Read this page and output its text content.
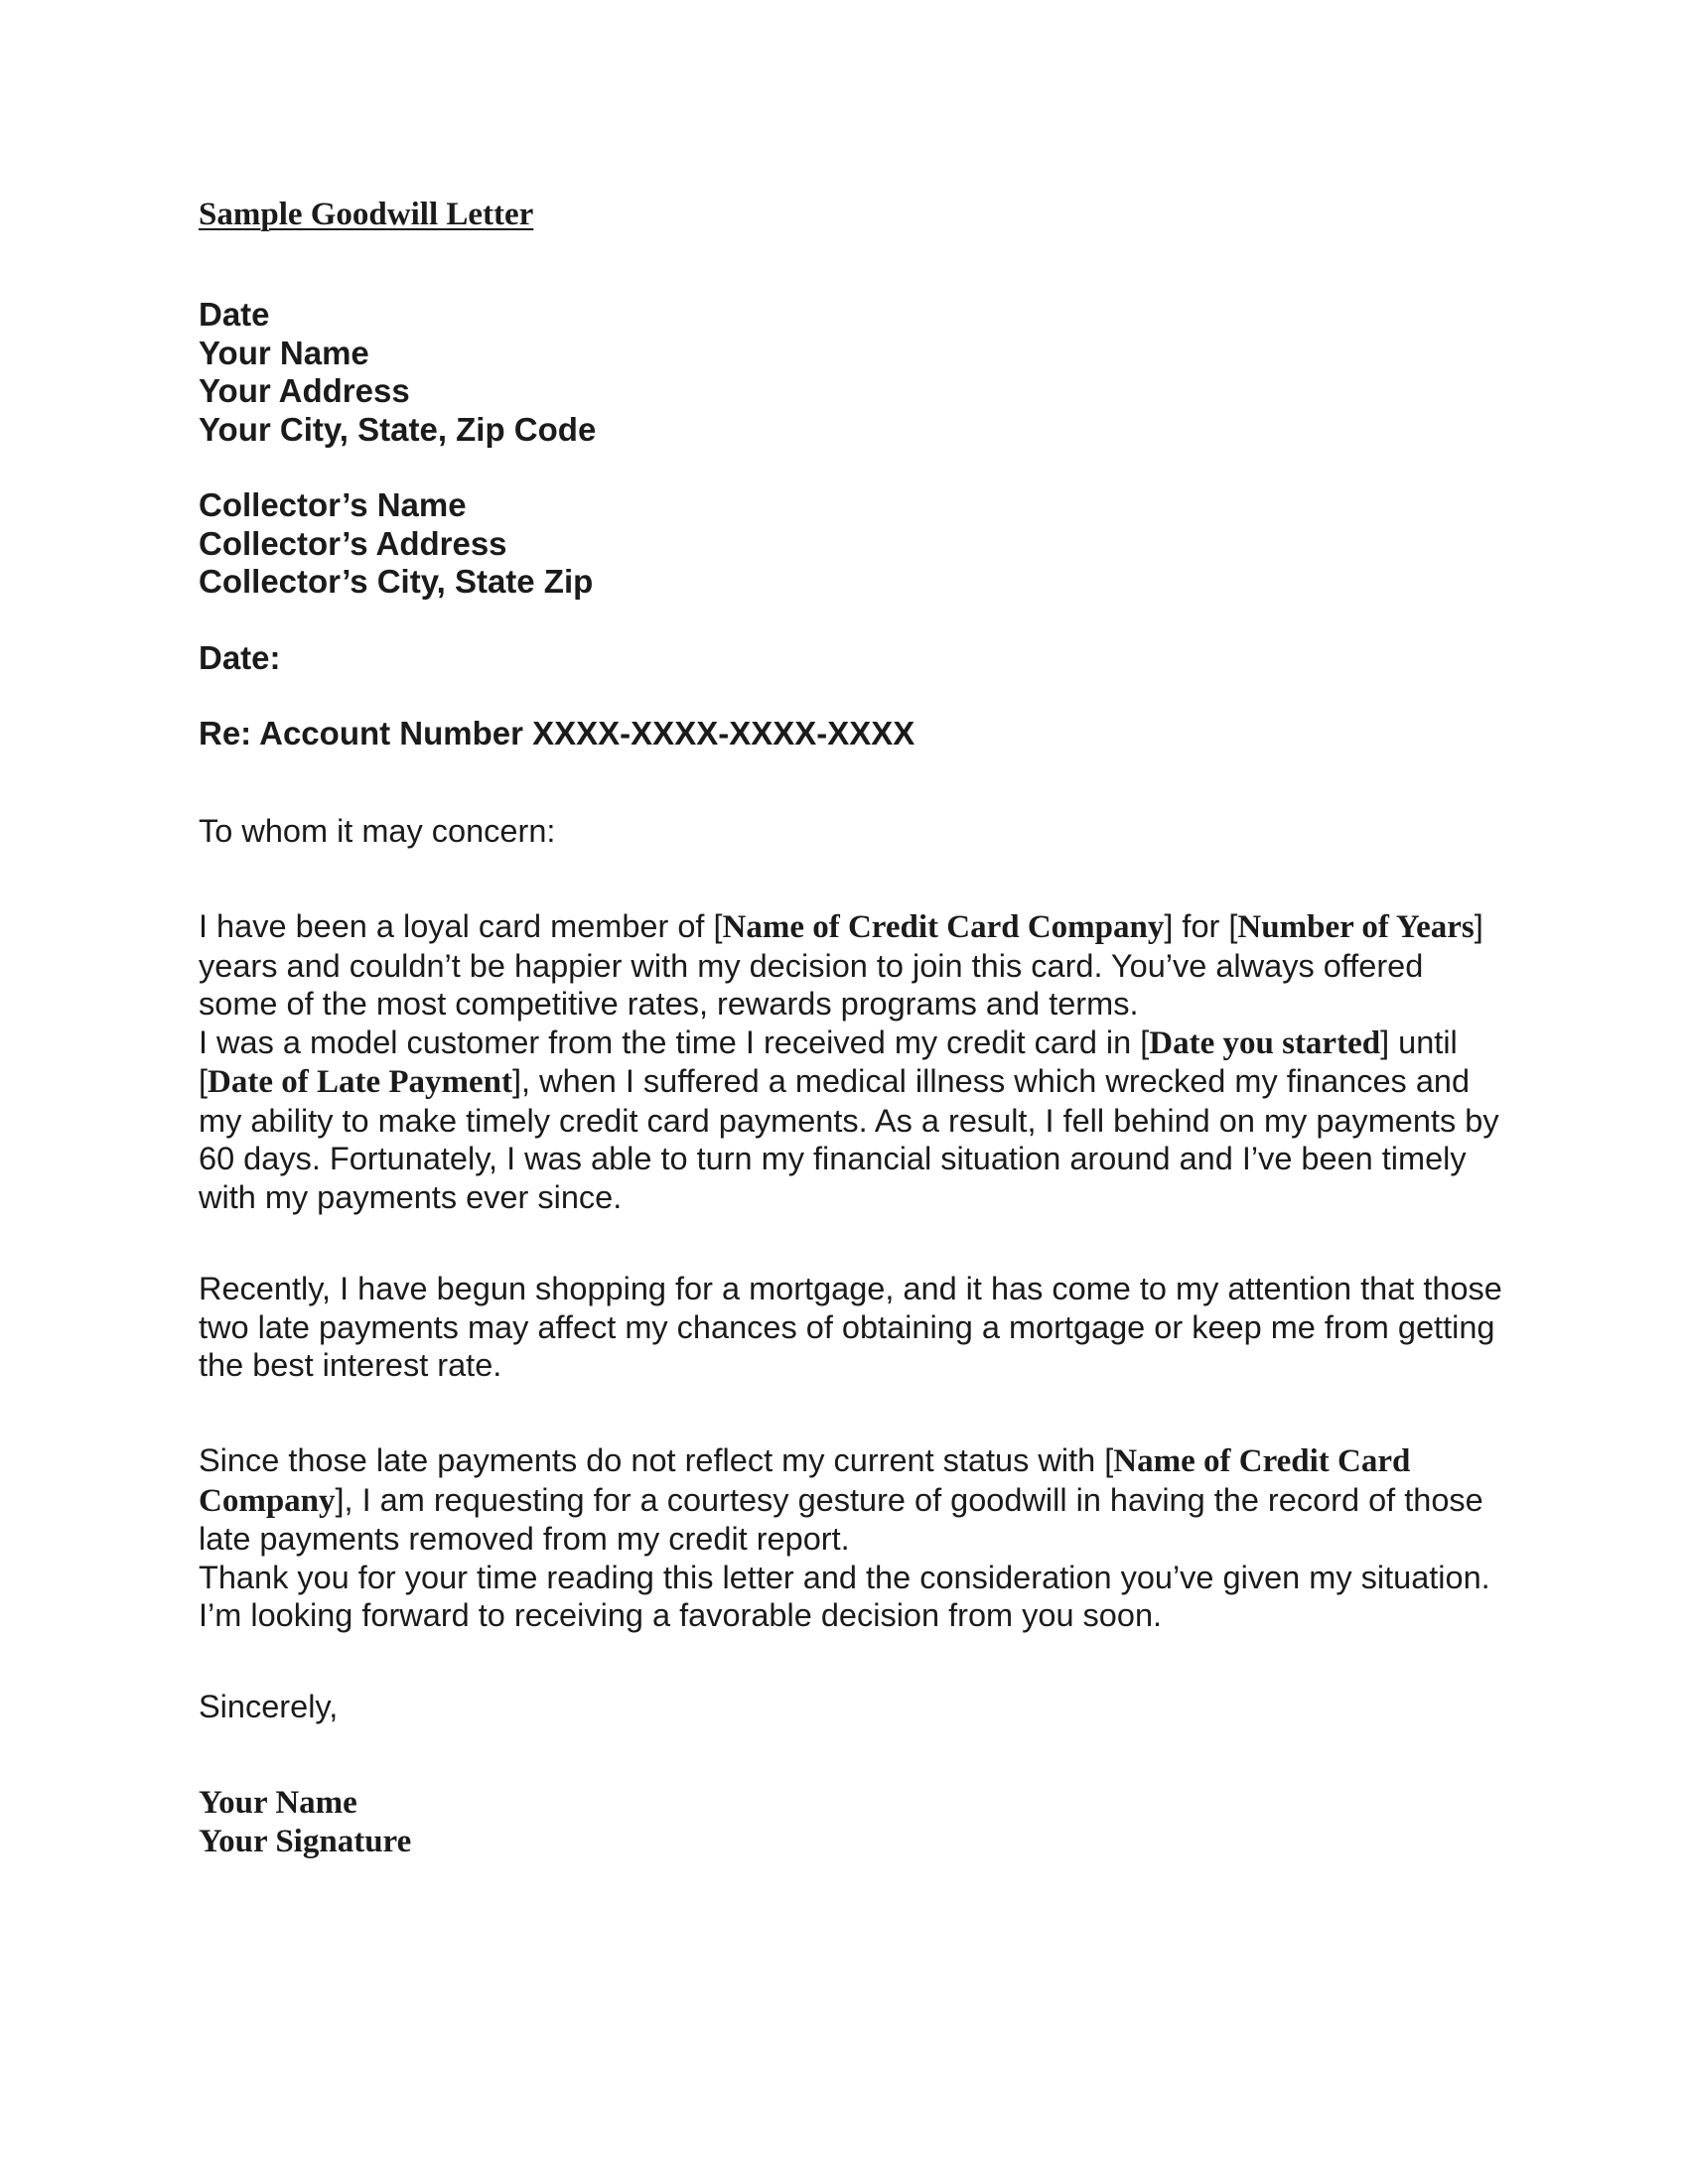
Sample Goodwill Letter
Date
Your Name
Your Address
Your City, State, Zip Code
Collector’s Name
Collector’s Address
Collector’s City, State Zip
Date:
Re: Account Number XXXX-XXXX-XXXX-XXXX

To whom it may concern:

I have been a loyal card member of [Name of Credit Card Company] for [Number of Years] years and couldn’t be happier with my decision to join this card. You’ve always offered some of the most competitive rates, rewards programs and terms.

I was a model customer from the time I received my credit card in [Date you started] until [Date of Late Payment], when I suffered a medical illness which wrecked my finances and my ability to make timely credit card payments. As a result, I fell behind on my payments by 60 days. Fortunately, I was able to turn my financial situation around and I’ve been timely with my payments ever since.

Recently, I have begun shopping for a mortgage, and it has come to my attention that those two late payments may affect my chances of obtaining a mortgage or keep me from getting the best interest rate.

Since those late payments do not reflect my current status with [Name of Credit Card Company], I am requesting for a courtesy gesture of goodwill in having the record of those late payments removed from my credit report.

Thank you for your time reading this letter and the consideration you’ve given my situation. I’m looking forward to receiving a favorable decision from you soon.

Sincerely,

Your Name
Your Signature
